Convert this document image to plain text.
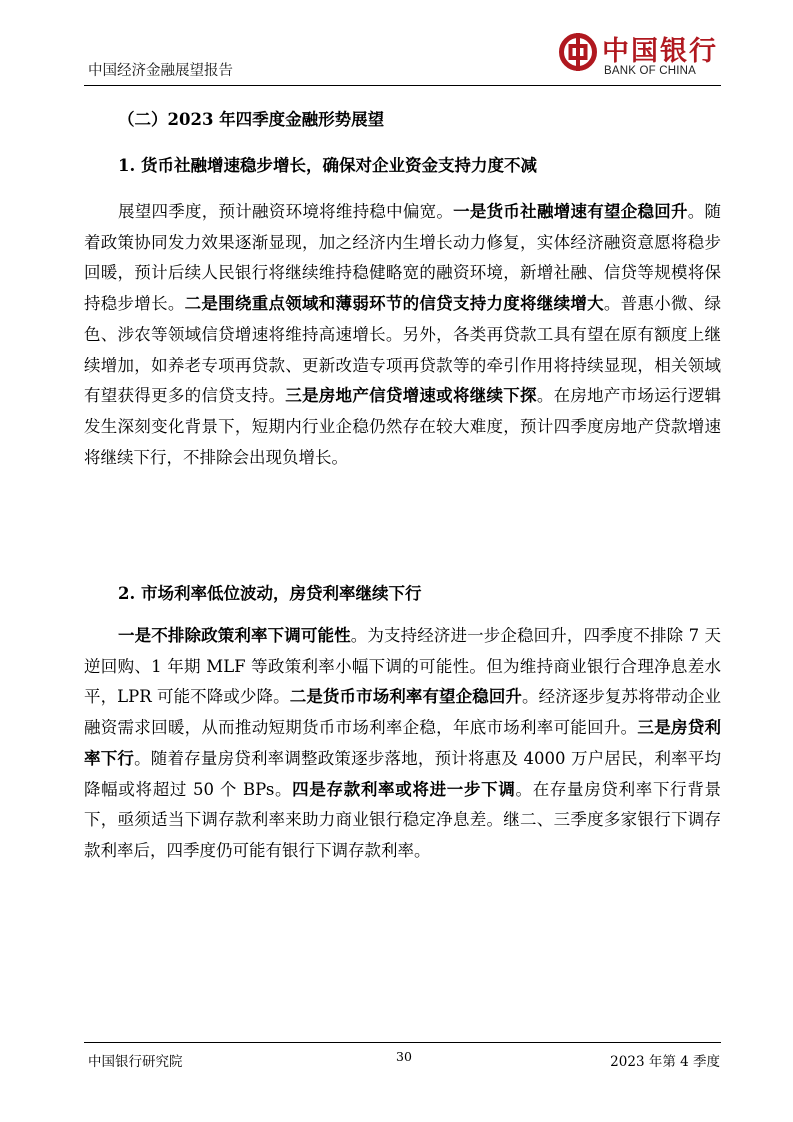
中国经济金融展望报告
中国银行
BANK OF CHINA
（二）2023 年四季度金融形势展望
1. 货币社融增速稳步增长，确保对企业资金支持力度不减

展望四季度，预计融资环境将维持稳中偏宽。一是货币社融增速有望企稳回升。随着政策协同发力效果逐渐显现，加之经济内生增长动力修复，实体经济融资意愿将稳步回暖，预计后续人民银行将继续维持稳健略宽的融资环境，新增社融、信贷等规模将保持稳步增长。二是围绕重点领域和薄弱环节的信贷支持力度将继续增大。普惠小微、绿色、涉农等领域信贷增速将维持高速增长。另外，各类再贷款工具有望在原有额度上继续增加，如养老专项再贷款、更新改造专项再贷款等的牵引作用将持续显现，相关领域有望获得更多的信贷支持。三是房地产信贷增速或将继续下探。在房地产市场运行逻辑发生深刻变化背景下，短期内行业企稳仍然存在较大难度，预计四季度房地产贷款增速将继续下行，不排除会出现负增长。

2. 市场利率低位波动，房贷利率继续下行

一是不排除政策利率下调可能性。为支持经济进一步企稳回升，四季度不排除 7 天逆回购、1 年期 MLF 等政策利率小幅下调的可能性。但为维持商业银行合理净息差水平，LPR 可能不降或少降。二是货币市场利率有望企稳回升。经济逐步复苏将带动企业融资需求回暖，从而推动短期货币市场利率企稳，年底市场利率可能回升。三是房贷利率下行。随着存量房贷利率调整政策逐步落地，预计将惠及 4000 万户居民，利率平均降幅或将超过 50 个 BPs。四是存款利率或将进一步下调。在存量房贷利率下行背景下，亟须适当下调存款利率来助力商业银行稳定净息差。继二、三季度多家银行下调存款利率后，四季度仍可能有银行下调存款利率。

中国银行研究院	30	2023 年第 4 季度
